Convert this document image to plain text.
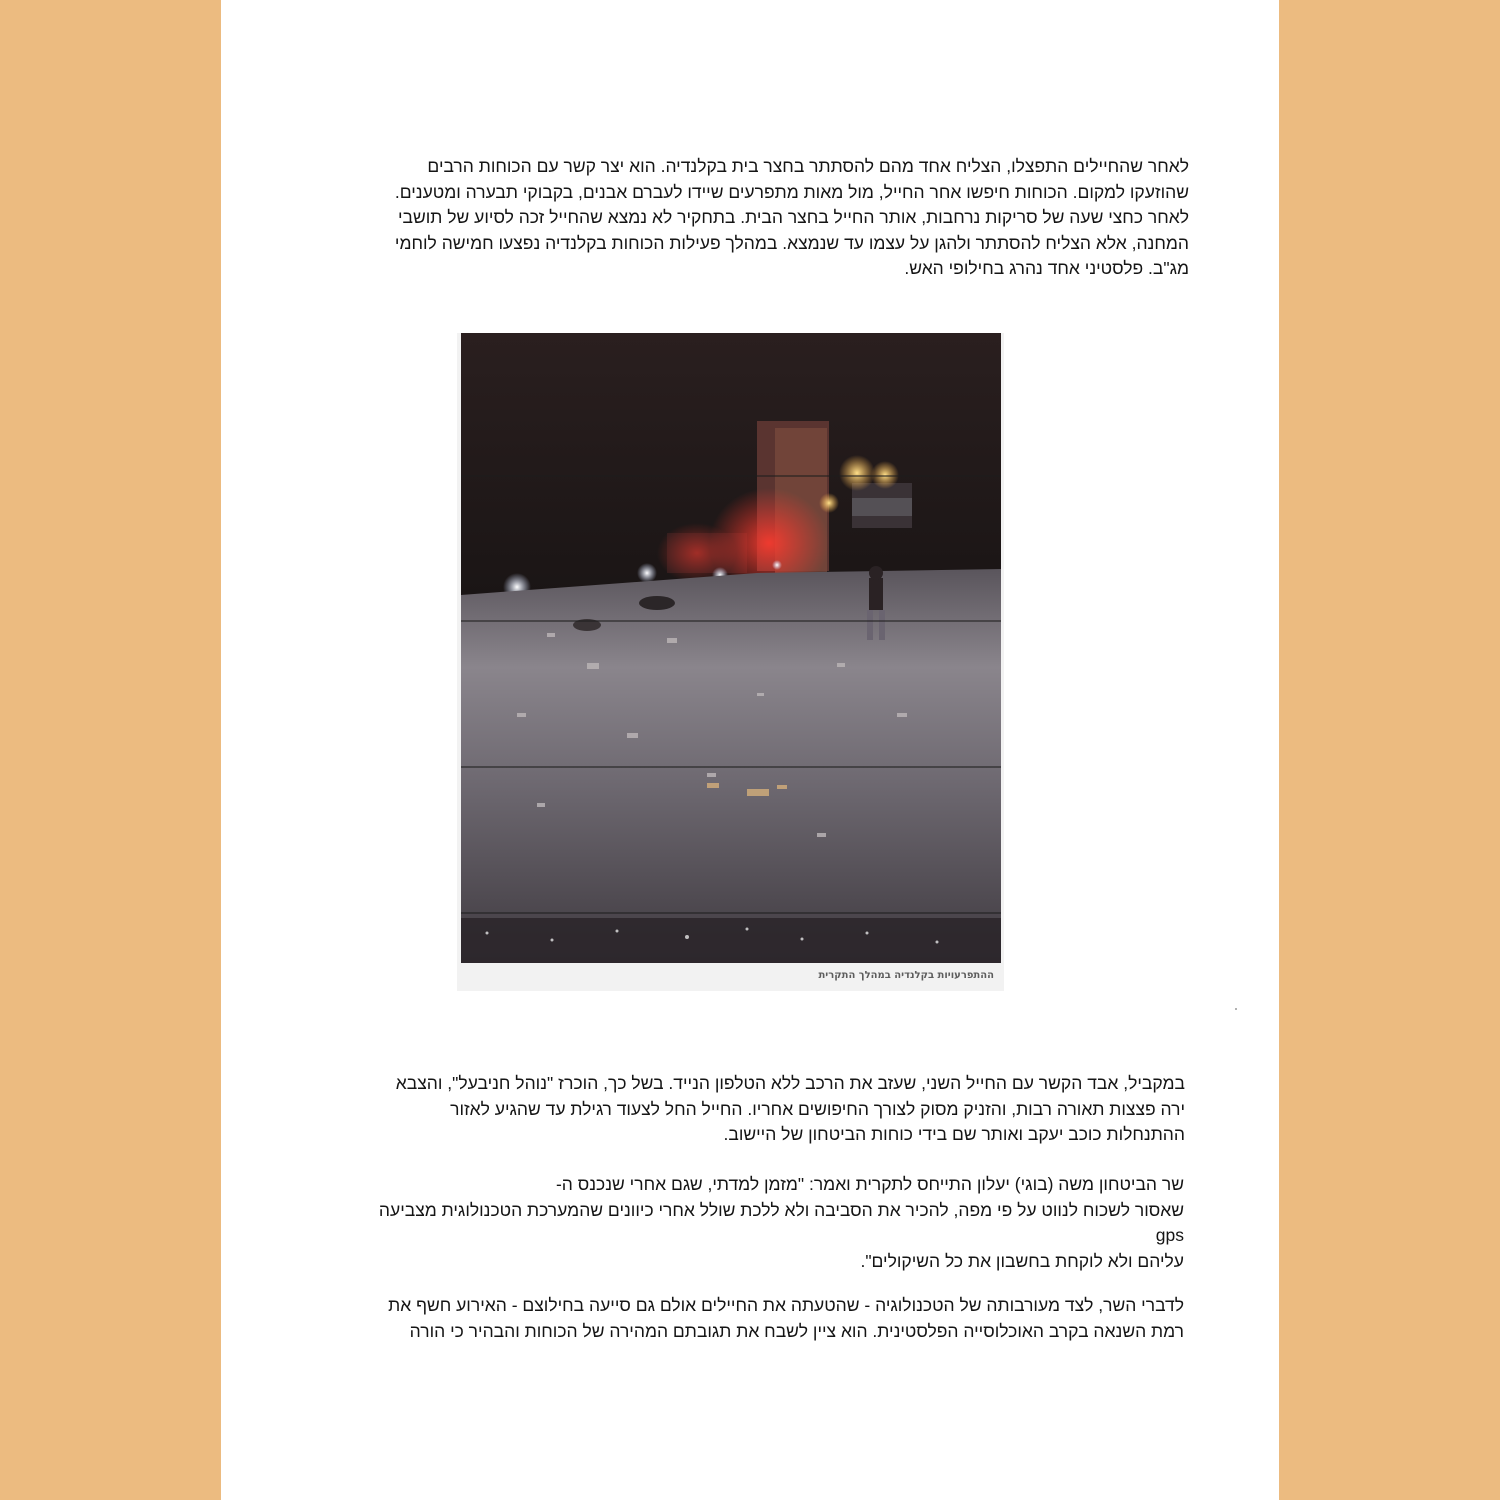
לאחר שהחיילים התפצלו, הצליח אחד מהם להסתתר בחצר בית בקלנדיה. הוא יצר קשר עם הכוחות הרבים
שהוזעקו למקום. הכוחות חיפשו אחר החייל, מול מאות מתפרעים שיידו לעברם אבנים, בקבוקי תבערה ומטענים.
לאחר כחצי שעה של סריקות נרחבות, אותר החייל בחצר הבית. בתחקיר לא נמצא שהחייל זכה לסיוע של תושבי
המחנה, אלא הצליח להסתתר ולהגן על עצמו עד שנמצא. במהלך פעילות הכוחות בקלנדיה נפצעו חמישה לוחמי
מג"ב. פלסטיני אחד נהרג בחילופי האש.
ההתפרעויות בקלנדיה במהלך התקרית
במקביל, אבד הקשר עם החייל השני, שעזב את הרכב ללא הטלפון הנייד. בשל כך, הוכרז "נוהל חניבעל", והצבא
ירה פצצות תאורה רבות, והזניק מסוק לצורך החיפושים אחריו. החייל החל לצעוד רגילת עד שהגיע לאזור
ההתנחלות כוכב יעקב ואותר שם בידי כוחות הביטחון של היישוב.
שר הביטחון משה (בוגי) יעלון התייחס לתקרית ואמר: "מזמן למדתי, שגם אחרי שנכנס ה-
שאסור לשכוח לנווט על פי מפה, להכיר את הסביבה ולא ללכת שולל אחרי כיוונים שהמערכת הטכנולוגית מצביעה
gps
עליהם ולא לוקחת בחשבון את כל השיקולים".
לדברי השר, לצד מעורבותה של הטכנולוגיה - שהטעתה את החיילים אולם גם סייעה בחילוצם - האירוע חשף את
רמת השנאה בקרב האוכלוסייה הפלסטינית. הוא ציין לשבח את תגובתם המהירה של הכוחות והבהיר כי הורה
